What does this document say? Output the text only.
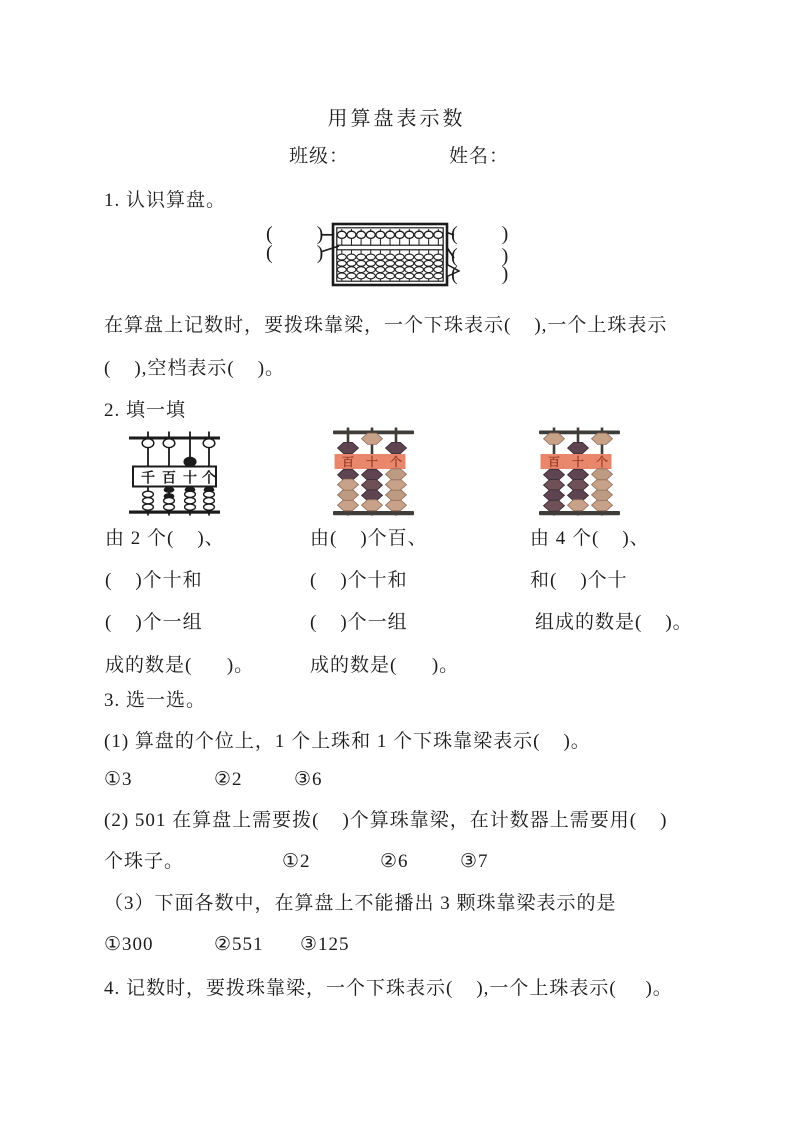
用算盘表示数
班级：	姓名：
1. 认识算盘。
(      )
(      )
(      )
(      )
(      )
在算盘上记数时，要拨珠靠梁，一个下珠表示(    ),一个上珠表示
(    ),空档表示(    )。
2. 填一填
千 百 十 个
百 十 个	百 十 个
由 2 个(    )、	由(    )个百、	由 4 个(    )、
(    )个十和	(    )个十和	和(    )个十
(    )个一组	(    )个一组	组成的数是(    )。
成的数是(      )。	成的数是(      )。
3. 选一选。
(1) 算盘的个位上，1 个上珠和 1 个下珠靠梁表示(    )。
①3	②2	③6
(2) 501 在算盘上需要拨(    )个算珠靠梁，在计数器上需要用(    )
个珠子。	①2	②6	③7
（3）下面各数中，在算盘上不能播出 3 颗珠靠梁表示的是
①300	②551 ③125
4. 记数时，要拨珠靠梁，一个下珠表示(    ),一个上珠表示(     )。
